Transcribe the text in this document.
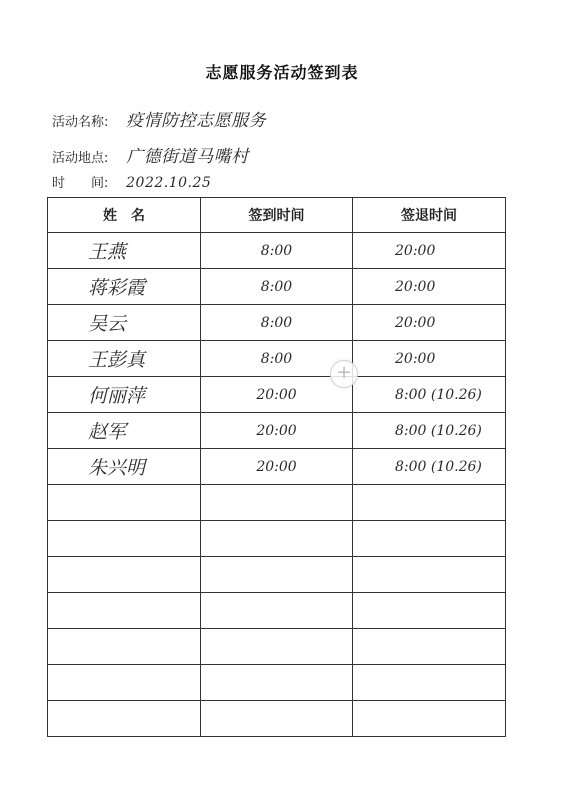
志愿服务活动签到表
活动名称: 疫情防控志愿服务
活动地点: 广德街道马嘴村
时　　间: 2022.10.25
姓　名	签到时间	签退时间
王燕	8:00	20:00
蒋彩霞	8:00	20:00
吴云	8:00	20:00
王彭真	8:00	20:00
何丽萍	20:00	8:00 (10.26)
赵军	20:00	8:00 (10.26)
朱兴明	20:00	8:00 (10.26)

+
